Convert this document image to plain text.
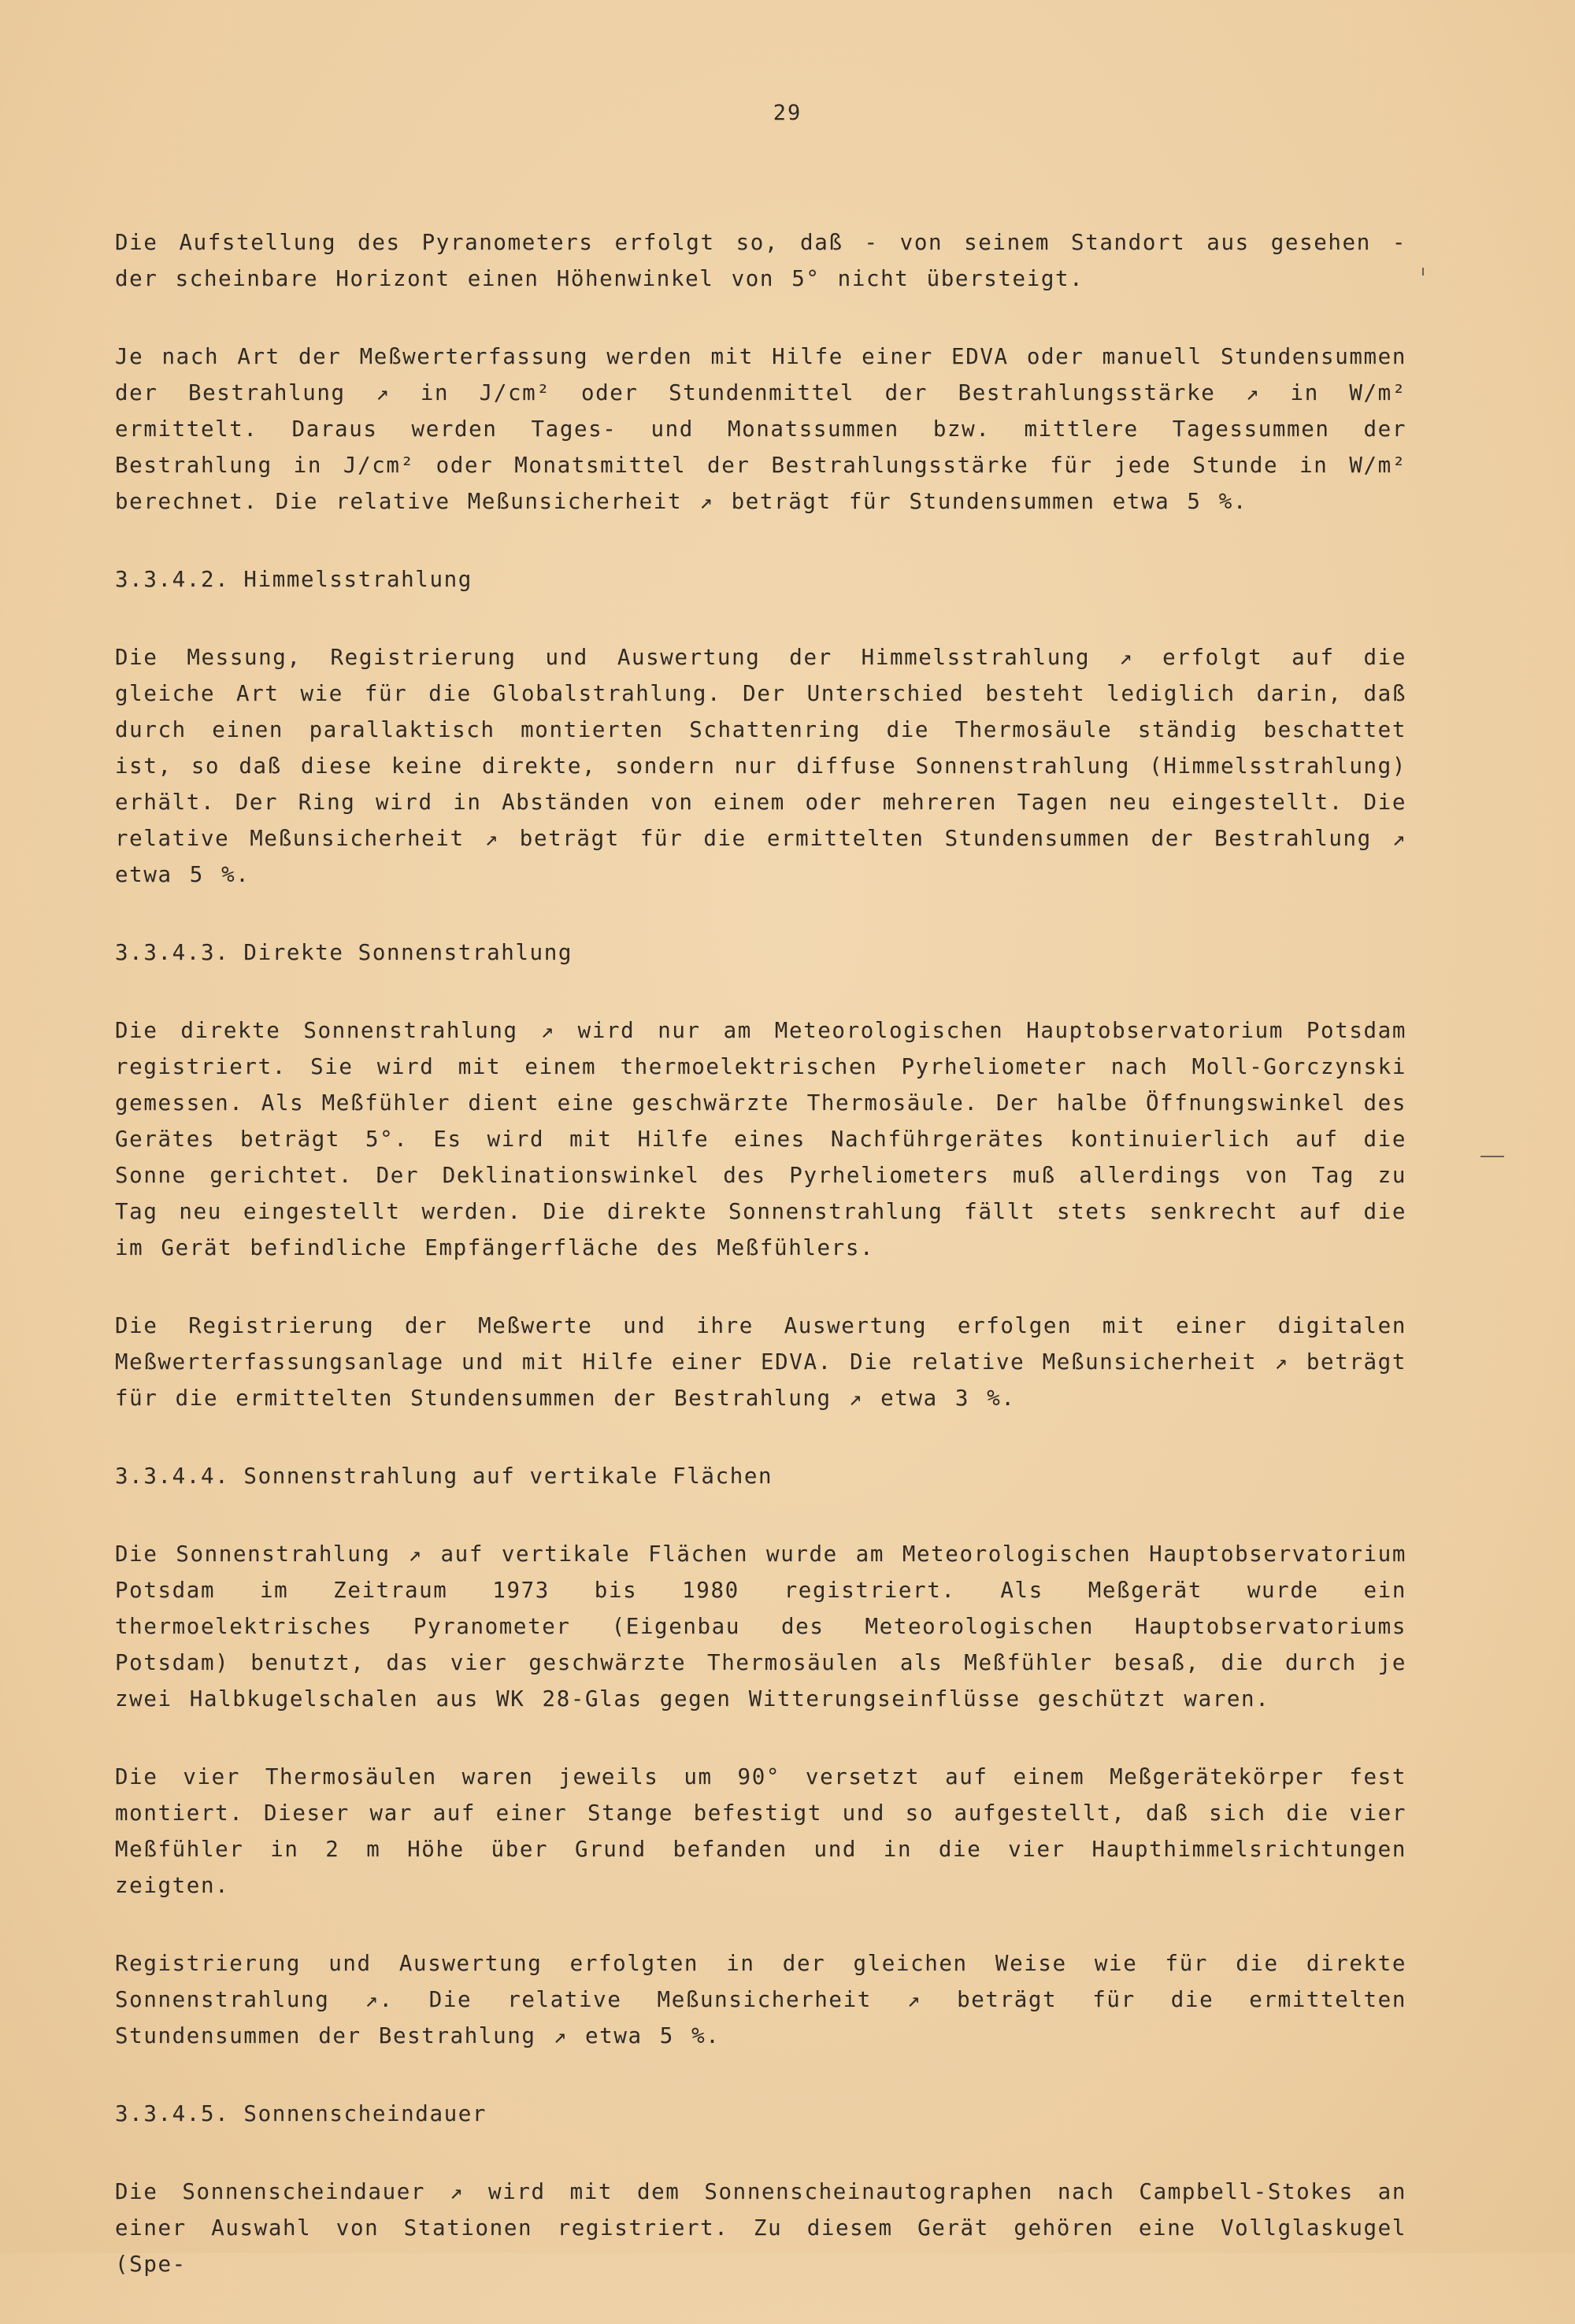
29

Die Aufstellung des Pyranometers erfolgt so, daß - von seinem Standort aus gesehen - der scheinbare Horizont einen Höhenwinkel von 5° nicht übersteigt.

Je nach Art der Meßwerterfassung werden mit Hilfe einer EDVA oder manuell Stundensummen der Bestrahlung ↗ in J/cm² oder Stundenmittel der Bestrahlungsstärke ↗ in W/m² ermittelt. Daraus werden Tages- und Monatssummen bzw. mittlere Tagessummen der Bestrahlung in J/cm² oder Monatsmittel der Bestrahlungsstärke für jede Stunde in W/m² berechnet. Die relative Meßunsicherheit ↗ beträgt für Stundensummen etwa 5 %.

3.3.4.2. Himmelsstrahlung

Die Messung, Registrierung und Auswertung der Himmelsstrahlung ↗ erfolgt auf die gleiche Art wie für die Globalstrahlung. Der Unterschied besteht lediglich darin, daß durch einen parallaktisch montierten Schattenring die Thermosäule ständig beschattet ist, so daß diese keine direkte, sondern nur diffuse Sonnenstrahlung (Himmelsstrahlung) erhält. Der Ring wird in Abständen von einem oder mehreren Tagen neu eingestellt. Die relative Meßunsicherheit ↗ beträgt für die ermittelten Stundensummen der Bestrahlung ↗ etwa 5 %.

3.3.4.3. Direkte Sonnenstrahlung

Die direkte Sonnenstrahlung ↗ wird nur am Meteorologischen Hauptobservatorium Potsdam registriert. Sie wird mit einem thermoelektrischen Pyrheliometer nach Moll-Gorczynski gemessen. Als Meßfühler dient eine geschwärzte Thermosäule. Der halbe Öffnungswinkel des Gerätes beträgt 5°. Es wird mit Hilfe eines Nachführgerätes kontinuierlich auf die Sonne gerichtet. Der Deklinationswinkel des Pyrheliometers muß allerdings von Tag zu Tag neu eingestellt werden. Die direkte Sonnenstrahlung fällt stets senkrecht auf die im Gerät befindliche Empfängerfläche des Meßfühlers.

Die Registrierung der Meßwerte und ihre Auswertung erfolgen mit einer digitalen Meßwerterfassungsanlage und mit Hilfe einer EDVA. Die relative Meßunsicherheit ↗ beträgt für die ermittelten Stundensummen der Bestrahlung ↗ etwa 3 %.

3.3.4.4. Sonnenstrahlung auf vertikale Flächen

Die Sonnenstrahlung ↗ auf vertikale Flächen wurde am Meteorologischen Hauptobservatorium Potsdam im Zeitraum 1973 bis 1980 registriert. Als Meßgerät wurde ein thermoelektrisches Pyranometer (Eigenbau des Meteorologischen Hauptobservatoriums Potsdam) benutzt, das vier geschwärzte Thermosäulen als Meßfühler besaß, die durch je zwei Halbkugelschalen aus WK 28-Glas gegen Witterungseinflüsse geschützt waren.

Die vier Thermosäulen waren jeweils um 90° versetzt auf einem Meßgerätekörper fest montiert. Dieser war auf einer Stange befestigt und so aufgestellt, daß sich die vier Meßfühler in 2 m Höhe über Grund befanden und in die vier Haupthimmelsrichtungen zeigten.

Registrierung und Auswertung erfolgten in der gleichen Weise wie für die direkte Sonnenstrahlung ↗. Die relative Meßunsicherheit ↗ beträgt für die ermittelten Stundensummen der Bestrahlung ↗ etwa 5 %.

3.3.4.5. Sonnenscheindauer

Die Sonnenscheindauer ↗ wird mit dem Sonnenscheinautographen nach Campbell-Stokes an einer Auswahl von Stationen registriert. Zu diesem Gerät gehören eine Vollglaskugel (Spe-
